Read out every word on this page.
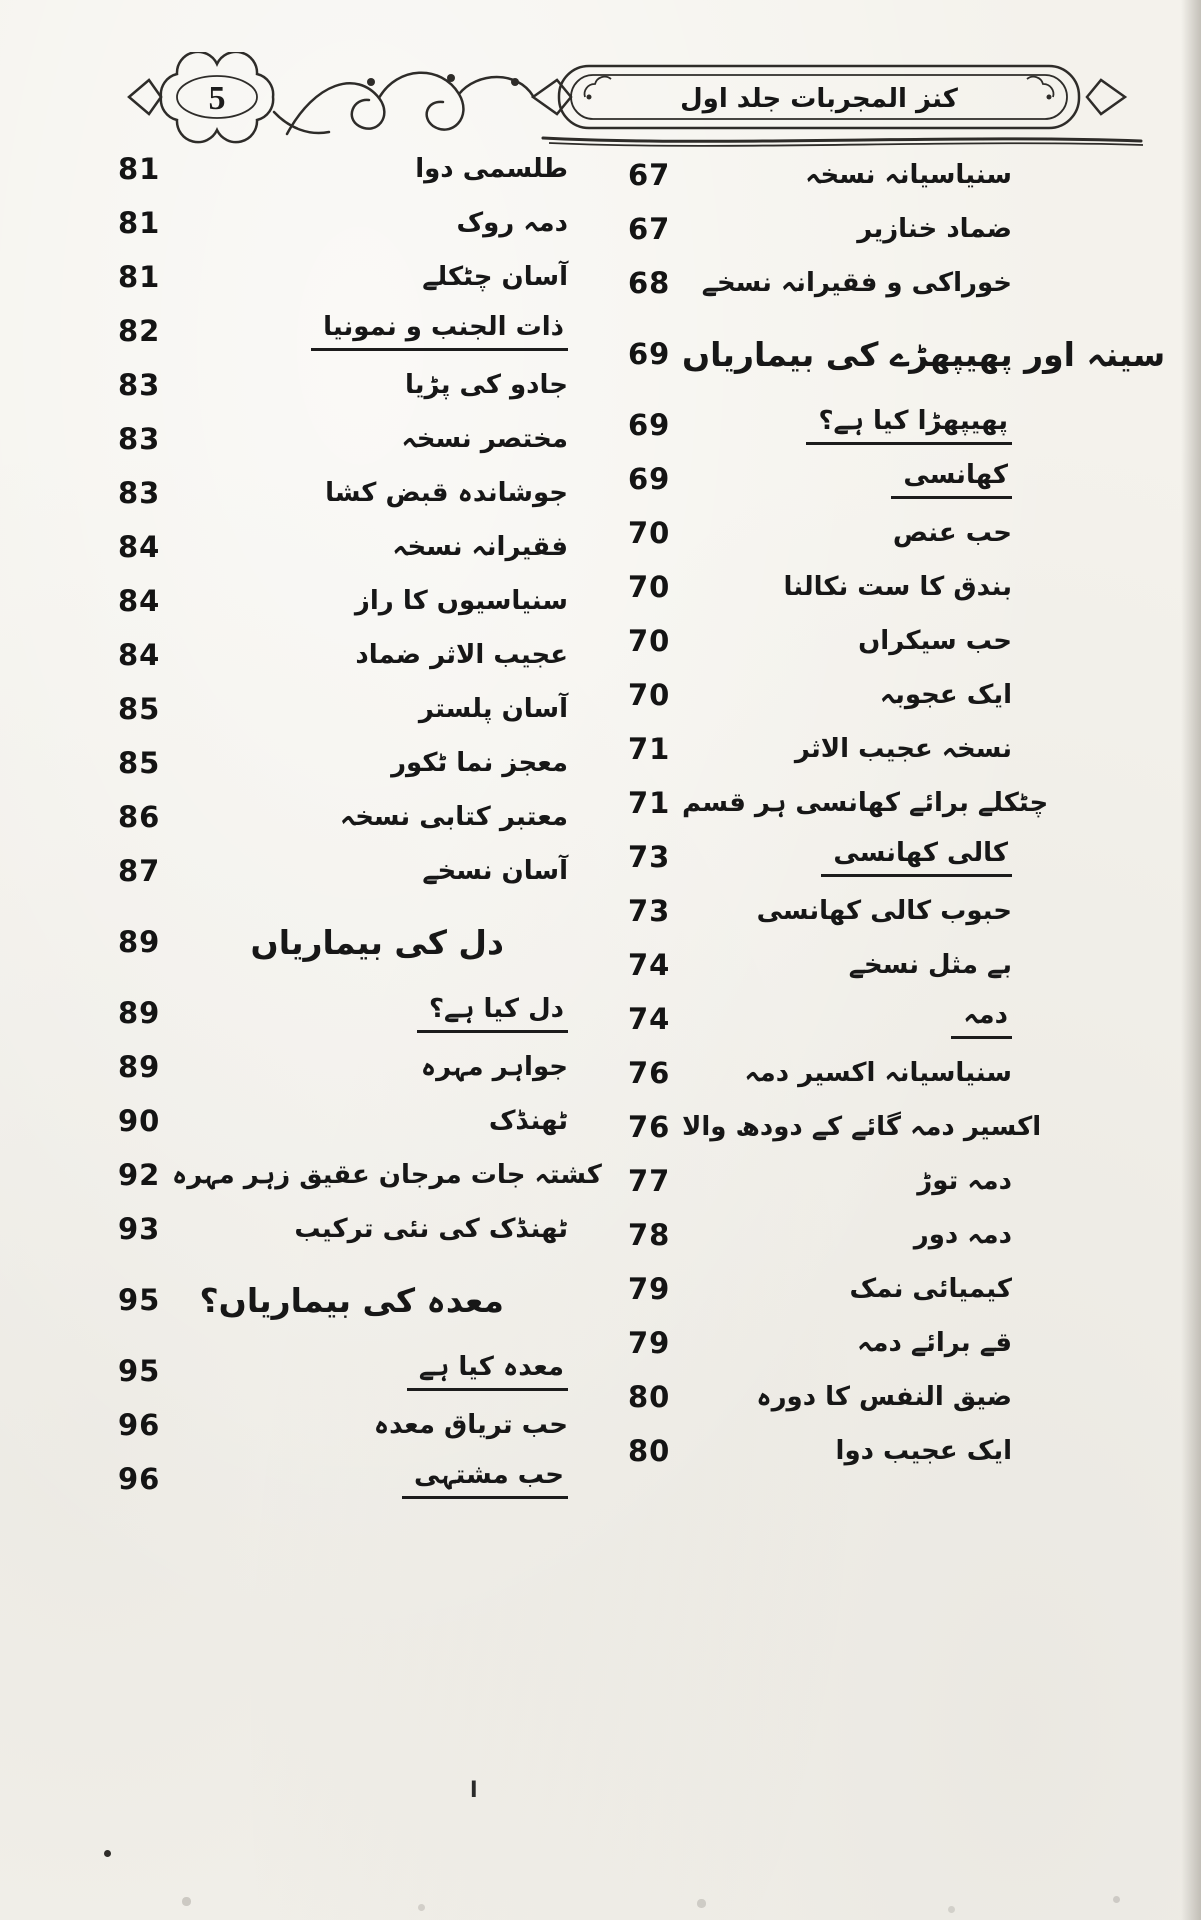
5	کنز المجربات جلد اول
67	سنیاسیانہ نسخہ
67	ضماد خنازیر
68	خوراکی و فقیرانہ نسخے
69 سینہ اور پھیپھڑے کی بیماریاں
69	پھیپھڑا کیا ہے؟
69	کھانسی
70	حب عنص
70	بندق کا ست نکالنا
70	حب سیکراں
70	ایک عجوبہ
71	نسخہ عجیب الاثر
71 چٹکلے برائے کھانسی ہر قسم
73	کالی کھانسی
73	حبوب کالی کھانسی
74	بے مثل نسخے
74	دمہ
76	سنیاسیانہ اکسیر دمہ
76 اکسیر دمہ گائے کے دودھ والا
77	دمہ توڑ
78	دمہ دور
79	کیمیائی نمک
79	قے برائے دمہ
80	ضیق النفس کا دورہ
80	ایک عجیب دوا
81	طلسمی دوا
81	دمہ روک
81	آسان چٹکلے
82	ذات الجنب و نمونیا
83	جادو کی پڑیا
83	مختصر نسخہ
83	جوشاندہ قبض کشا
84	فقیرانہ نسخہ
84	سنیاسیوں کا راز
84	عجیب الاثر ضماد
85	آسان پلستر
85	معجز نما ٹکور
86	معتبر کتابی نسخہ
87	آسان نسخے
89	دل کی بیماریاں
89	دل کیا ہے؟
89	جواہر مہرہ
90	ٹھنڈک
92 کشتہ جات مرجان عقیق زہر مہرہ
93	ٹھنڈک کی نئی ترکیب
95	معدہ کی بیماریاں؟
95	معدہ کیا ہے
96	حب تریاق معدہ
96	حب مشتہی
ا
